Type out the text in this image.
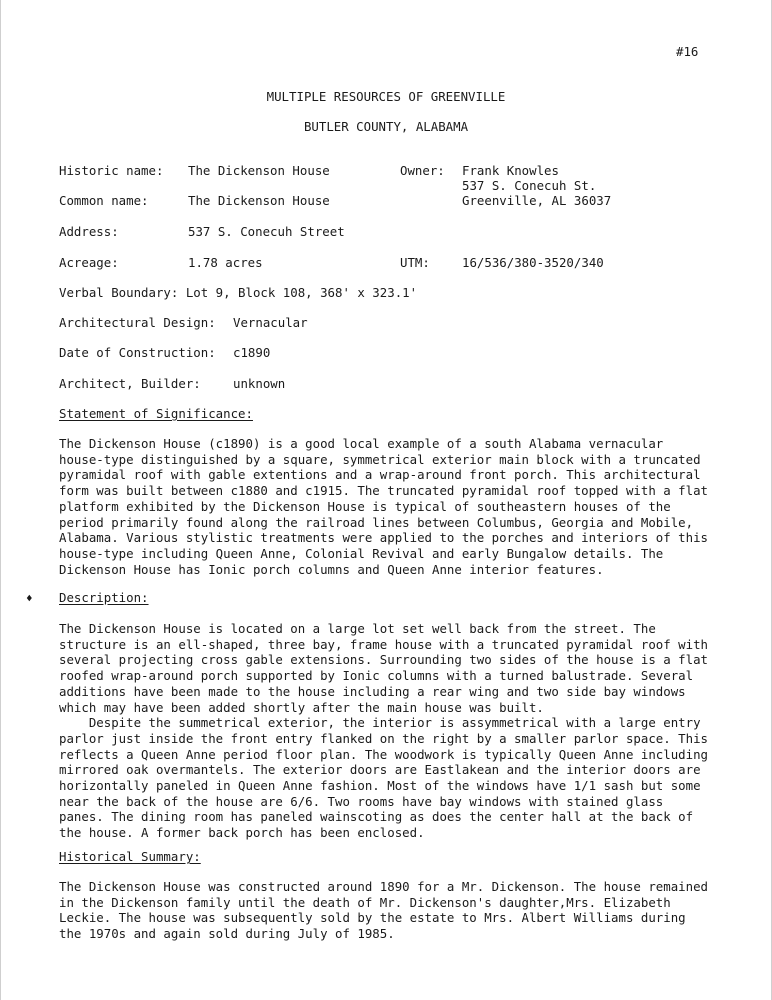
#16
MULTIPLE RESOURCES OF GREENVILLE
BUTLER COUNTY, ALABAMA
Historic name: The Dickenson House	Owner: Frank Knowles
537 S. Conecuh St.
Greenville, AL 36037
Common name:	The Dickenson House
Address:	537 S. Conecuh Street
Acreage:	1.78 acres	UTM:	16/536/380-3520/340
Verbal Boundary: Lot 9, Block 108, 368' x 323.1'
Architectural Design: Vernacular
Date of Construction: c1890
Architect, Builder:	unknown
Statement of Significance:
The Dickenson House (c1890) is a good local example of a south Alabama vernacular
house-type distinguished by a square, symmetrical exterior main block with a truncated
pyramidal roof with gable extentions and a wrap-around front porch. This architectural
form was built between c1880 and c1915. The truncated pyramidal roof topped with a flat
platform exhibited by the Dickenson House is typical of southeastern houses of the
period primarily found along the railroad lines between Columbus, Georgia and Mobile,
Alabama. Various stylistic treatments were applied to the porches and interiors of this
house-type including Queen Anne, Colonial Revival and early Bungalow details. The
Dickenson House has Ionic porch columns and Queen Anne interior features.
♦ Description:
The Dickenson House is located on a large lot set well back from the street. The
structure is an ell-shaped, three bay, frame house with a truncated pyramidal roof with
several projecting cross gable extensions. Surrounding two sides of the house is a flat
roofed wrap-around porch supported by Ionic columns with a turned balustrade. Several
additions have been made to the house including a rear wing and two side bay windows
which may have been added shortly after the main house was built.
Despite the summetrical exterior, the interior is assymmetrical with a large entry
parlor just inside the front entry flanked on the right by a smaller parlor space. This
reflects a Queen Anne period floor plan. The woodwork is typically Queen Anne including
mirrored oak overmantels. The exterior doors are Eastlakean and the interior doors are
horizontally paneled in Queen Anne fashion. Most of the windows have 1/1 sash but some
near the back of the house are 6/6. Two rooms have bay windows with stained glass
panes. The dining room has paneled wainscoting as does the center hall at the back of
the house. A former back porch has been enclosed.
Historical Summary:
The Dickenson House was constructed around 1890 for a Mr. Dickenson. The house remained
in the Dickenson family until the death of Mr. Dickenson's daughter,Mrs. Elizabeth
Leckie. The house was subsequently sold by the estate to Mrs. Albert Williams during
the 1970s and again sold during July of 1985.
